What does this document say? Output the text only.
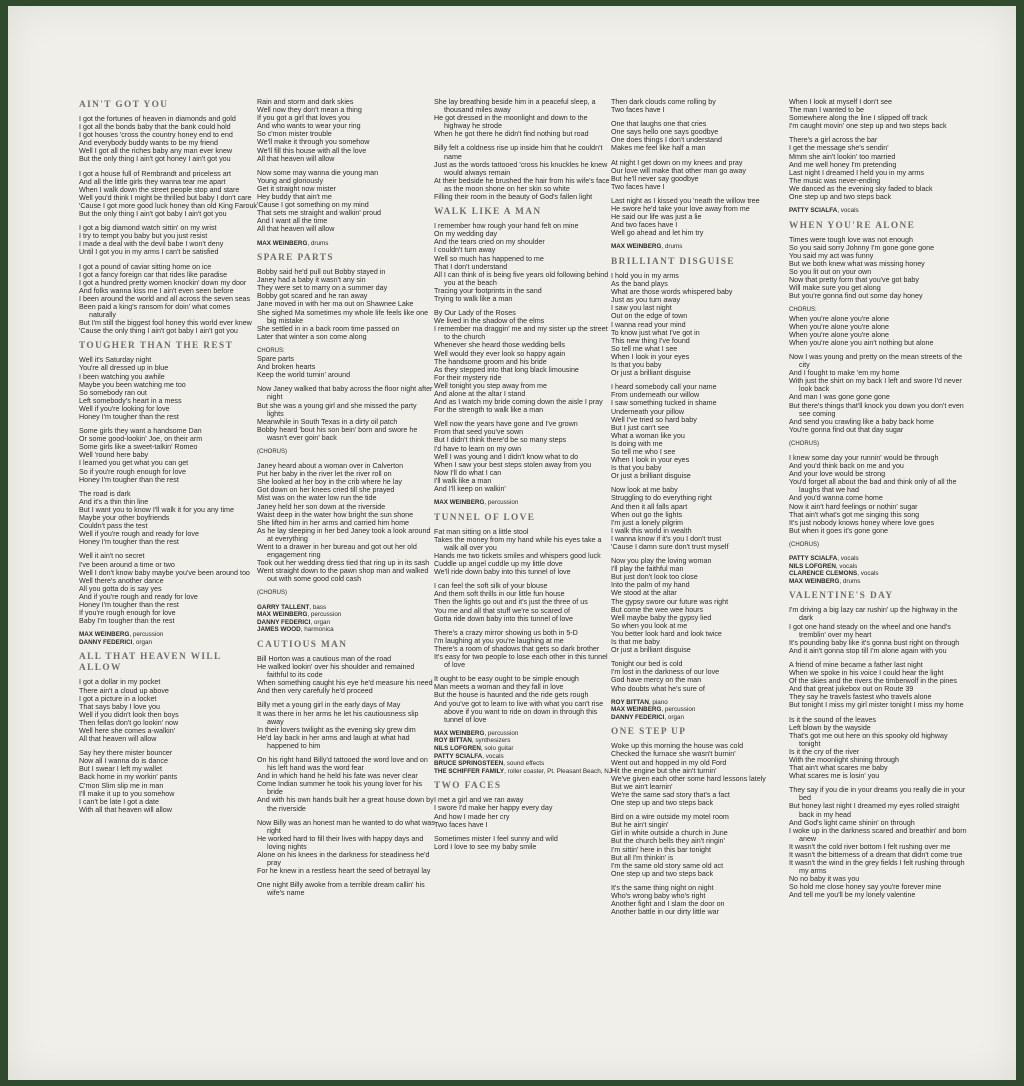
AIN'T GOT YOU
I got the fortunes of heaven in diamonds and gold
I got all the bonds baby that the bank could hold
I got houses 'cross the country honey end to end
And everybody buddy wants to be my friend
Well I got all the riches baby any man ever knew
But the only thing I ain't got honey I ain't got you
I got a house full of Rembrandt and priceless art
And all the little girls they wanna tear me apart
When I walk down the street people stop and stare
Well you'd think I might be thrilled but baby I don't care
'Cause I got more good luck honey than old King Farouk
But the only thing I ain't got baby I ain't got you
I got a big diamond watch sittin' on my wrist
I try to tempt you baby but you just resist
I made a deal with the devil babe I won't deny
Until I got you in my arms I can't be satisfied
I got a pound of caviar sitting home on ice
I got a fancy foreign car that rides like paradise
I got a hundred pretty women knockin' down my door
And folks wanna kiss me I ain't even seen before
I been around the world and all across the seven seas
Been paid a king's ransom for doin' what comes naturally
But I'm still the biggest fool honey this world ever knew
'Cause the only thing I ain't got baby I ain't got you
TOUGHER THAN THE REST
Well it's Saturday night
You're all dressed up in blue
I been watching you awhile
Maybe you been watching me too
So somebody ran out
Left somebody's heart in a mess
Well if you're looking for love
Honey I'm tougher than the rest
Some girls they want a handsome Dan
Or some good-lookin' Joe, on their arm
Some girls like a sweet-talkin' Romeo
Well 'round here baby
I learned you get what you can get
So if you're rough enough for love
Honey I'm tougher than the rest
The road is dark
And it's a thin thin line
But I want you to know I'll walk it for you any time
Maybe your other boyfriends
Couldn't pass the test
Well if you're rough and ready for love
Honey I'm tougher than the rest
Well it ain't no secret
I've been around a time or two
Well I don't know baby maybe you've been around too
Well there's another dance
All you gotta do is say yes
And if you're rough and ready for love
Honey I'm tougher than the rest
If you're rough enough for love
Baby I'm tougher than the rest
MAX WEINBERG, percussion
DANNY FEDERICI, organ
ALL THAT HEAVEN WILL ALLOW
I got a dollar in my pocket
There ain't a cloud up above
I got a picture in a locket
That says baby I love you
Well if you didn't look then boys
Then fellas don't go lookin' now
Well here she comes a-walkin'
All that heaven will allow
Say hey there mister bouncer
Now all I wanna do is dance
But I swear I left my wallet
Back home in my workin' pants
C'mon Slim slip me in man
I'll make it up to you somehow
I can't be late I got a date
With all that heaven will allow
Rain and storm and dark skies
Well now they don't mean a thing
If you got a girl that loves you
And who wants to wear your ring
So c'mon mister trouble
We'll make it through you somehow
We'll fill this house with all the love
All that heaven will allow
Now some may wanna die young man
Young and gloriously
Get it straight now mister
Hey buddy that ain't me
'Cause I got something on my mind
That sets me straight and walkin' proud
And I want all the time
All that heaven will allow
MAX WEINBERG, drums
SPARE PARTS
Bobby said he'd pull out Bobby stayed in
Janey had a baby it wasn't any sin
They were set to marry on a summer day
Bobby got scared and he ran away
Jane moved in with her ma out on Shawnee Lake
She sighed Ma sometimes my whole life feels like one big mistake
She settled in in a back room time passed on
Later that winter a son come along
CHORUS:
Spare parts
And broken hearts
Keep the world turnin' around
Now Janey walked that baby across the floor night after night
But she was a young girl and she missed the party lights
Meanwhile in South Texas in a dirty oil patch
Bobby heard 'bout his son bein' born and swore he wasn't ever goin' back
(CHORUS)
Janey heard about a woman over in Calverton
Put her baby in the river let the river roll on
She looked at her boy in the crib where he lay
Got down on her knees cried till she prayed
Mist was on the water low run the tide
Janey held her son down at the riverside
Waist deep in the water how bright the sun shone
She lifted him in her arms and carried him home
As he lay sleeping in her bed Janey took a look around at everything
Went to a drawer in her bureau and got out her old engagement ring
Took out her wedding dress tied that ring up in its sash
Went straight down to the pawn shop man and walked out with some good cold cash
(CHORUS)
GARRY TALLENT, bass
MAX WEINBERG, percussion
DANNY FEDERICI, organ
JAMES WOOD, harmonica
CAUTIOUS MAN
Bill Horton was a cautious man of the road
He walked lookin' over his shoulder and remained faithful to its code
When something caught his eye he'd measure his need
And then very carefully he'd proceed
Billy met a young girl in the early days of May
It was there in her arms he let his cautiousness slip away
In their lovers twilight as the evening sky grew dim
He'd lay back in her arms and laugh at what had happened to him
On his right hand Billy'd tattooed the word love and on his left hand was the word fear
And in which hand he held his fate was never clear
Come Indian summer he took his young lover for his bride
And with his own hands built her a great house down by the riverside
Now Billy was an honest man he wanted to do what was right
He worked hard to fill their lives with happy days and loving nights
Alone on his knees in the darkness for steadiness he'd pray
For he knew in a restless heart the seed of betrayal lay
One night Billy awoke from a terrible dream callin' his wife's name
She lay breathing beside him in a peaceful sleep, a thousand miles away
He got dressed in the moonlight and down to the highway he strode
When he got there he didn't find nothing but road
Billy felt a coldness rise up inside him that he couldn't name
Just as the words tattooed 'cross his knuckles he knew would always remain
At their bedside he brushed the hair from his wife's face as the moon shone on her skin so white
Filling their room in the beauty of God's fallen light
WALK LIKE A MAN
I remember how rough your hand felt on mine
On my wedding day
And the tears cried on my shoulder
I couldn't turn away
Well so much has happened to me
That I don't understand
All I can think of is being five years old following behind you at the beach
Tracing your footprints in the sand
Trying to walk like a man
By Our Lady of the Roses
We lived in the shadow of the elms
I remember ma draggin' me and my sister up the street to the church
Whenever she heard those wedding bells
Well would they ever look so happy again
The handsome groom and his bride
As they stepped into that long black limousine
For their mystery ride
Well tonight you step away from me
And alone at the altar I stand
And as I watch my bride coming down the aisle I pray
For the strength to walk like a man
Well now the years have gone and I've grown
From that seed you've sown
But I didn't think there'd be so many steps
I'd have to learn on my own
Well I was young and I didn't know what to do
When I saw your best steps stolen away from you
Now I'll do what I can
I'll walk like a man
And I'll keep on walkin'
MAX WEINBERG, percussion
TUNNEL OF LOVE
Fat man sitting on a little stool
Takes the money from my hand while his eyes take a walk all over you
Hands me two tickets smiles and whispers good luck
Cuddle up angel cuddle up my little dove
We'll ride down baby into this tunnel of love
I can feel the soft silk of your blouse
And them soft thrills in our little fun house
Then the lights go out and it's just the three of us
You me and all that stuff we're so scared of
Gotta ride down baby into this tunnel of love
There's a crazy mirror showing us both in 5-D
I'm laughing at you you're laughing at me
There's a room of shadows that gets so dark brother
It's easy for two people to lose each other in this tunnel of love
It ought to be easy ought to be simple enough
Man meets a woman and they fall in love
But the house is haunted and the ride gets rough
And you've got to learn to live with what you can't rise above if you want to ride on down in through this tunnel of love
MAX WEINBERG, percussion
ROY BITTAN, synthesizers
NILS LOFGREN, solo guitar
PATTY SCIALFA, vocals
BRUCE SPRINGSTEEN, sound effects
THE SCHIFFER FAMILY, roller coaster, Pt. Pleasant Beach, NJ
TWO FACES
I met a girl and we ran away
I swore I'd make her happy every day
And how I made her cry
Two faces have I
Sometimes mister I feel sunny and wild
Lord I love to see my baby smile
Then dark clouds come rolling by
Two faces have I
One that laughs one that cries
One says hello one says goodbye
One does things I don't understand
Makes me feel like half a man
At night I get down on my knees and pray
Our love will make that other man go away
But he'll never say goodbye
Two faces have I
Last night as I kissed you 'neath the willow tree
He swore he'd take your love away from me
He said our life was just a lie
And two faces have I
Well go ahead and let him try
MAX WEINBERG, drums
BRILLIANT DISGUISE
I hold you in my arms
As the band plays
What are those words whispered baby
Just as you turn away
I saw you last night
Out on the edge of town
I wanna read your mind
To know just what I've got in
This new thing I've found
So tell me what I see
When I look in your eyes
Is that you baby
Or just a brilliant disguise
I heard somebody call your name
From underneath our willow
I saw something tucked in shame
Underneath your pillow
Well I've tried so hard baby
But I just can't see
What a woman like you
Is doing with me
So tell me who I see
When I look in your eyes
Is that you baby
Or just a brilliant disguise
Now look at me baby
Struggling to do everything right
And then it all falls apart
When out go the lights
I'm just a lonely pilgrim
I walk this world in wealth
I wanna know if it's you I don't trust
'Cause I damn sure don't trust myself
Now you play the loving woman
I'll play the faithful man
But just don't look too close
Into the palm of my hand
We stood at the altar
The gypsy swore our future was right
But come the wee wee hours
Well maybe baby the gypsy lied
So when you look at me
You better look hard and look twice
Is that me baby
Or just a brilliant disguise
Tonight our bed is cold
I'm lost in the darkness of our love
God have mercy on the man
Who doubts what he's sure of
ROY BITTAN, piano
MAX WEINBERG, percussion
DANNY FEDERICI, organ
ONE STEP UP
Woke up this morning the house was cold
Checked the furnace she wasn't burnin'
Went out and hopped in my old Ford
Hit the engine but she ain't turnin'
We've given each other some hard lessons lately
But we ain't learnin'
We're the same sad story that's a fact
One step up and two steps back
Bird on a wire outside my motel room
But he ain't singin'
Girl in white outside a church in June
But the church bells they ain't ringin'
I'm sittin' here in this bar tonight
But all I'm thinkin' is
I'm the same old story same old act
One step up and two steps back
It's the same thing night on night
Who's wrong baby who's right
Another fight and I slam the door on
Another battle in our dirty little war
When I look at myself I don't see
The man I wanted to be
Somewhere along the line I slipped off track
I'm caught movin' one step up and two steps back
There's a girl across the bar
I get the message she's sendin'
Mmm she ain't lookin' too married
And me well honey I'm pretending
Last night I dreamed I held you in my arms
The music was never-ending
We danced as the evening sky faded to black
One step up and two steps back
PATTY SCIALFA, vocals
WHEN YOU'RE ALONE
Times were tough love was not enough
So you said sorry Johnny I'm gone gone gone
You said my act was funny
But we both knew what was missing honey
So you lit out on your own
Now that pretty form that you've got baby
Will make sure you get along
But you're gonna find out some day honey
CHORUS:
When you're alone you're alone
When you're alone you're alone
When you're alone you're alone
When you're alone you ain't nothing but alone
Now I was young and pretty on the mean streets of the city
And I fought to make 'em my home
With just the shirt on my back I left and swore I'd never look back
And man I was gone gone gone
But there's things that'll knock you down you don't even see coming
And send you crawling like a baby back home
You're gonna find out that day sugar
(CHORUS)
I knew some day your runnin' would be through
And you'd think back on me and you
And your love would be strong
You'd forget all about the bad and think only of all the laughs that we had
And you'd wanna come home
Now it ain't hard feelings or nothin' sugar
That ain't what's got me singing this song
It's just nobody knows honey where love goes
But when it goes it's gone gone
(CHORUS)
PATTY SCIALFA, vocals
NILS LOFGREN, vocals
CLARENCE CLEMONS, vocals
MAX WEINBERG, drums
VALENTINE'S DAY
I'm driving a big lazy car rushin' up the highway in the dark
I got one hand steady on the wheel and one hand's tremblin' over my heart
It's pounding baby like it's gonna bust right on through
And it ain't gonna stop till I'm alone again with you
A friend of mine became a father last night
When we spoke in his voice I could hear the light
Of the skies and the rivers the timberwolf in the pines
And that great jukebox out on Route 39
They say he travels fastest who travels alone
But tonight I miss my girl mister tonight I miss my home
Is it the sound of the leaves
Left blown by the wayside
That's got me out here on this spooky old highway tonight
Is it the cry of the river
With the moonlight shining through
That ain't what scares me baby
What scares me is losin' you
They say if you die in your dreams you really die in your bed
But honey last night I dreamed my eyes rolled straight back in my head
And God's light came shinin' on through
I woke up in the darkness scared and breathin' and born anew
It wasn't the cold river bottom I felt rushing over me
It wasn't the bitterness of a dream that didn't come true
It wasn't the wind in the grey fields I felt rushing through my arms
No no baby it was you
So hold me close honey say you're forever mine
And tell me you'll be my lonely valentine
